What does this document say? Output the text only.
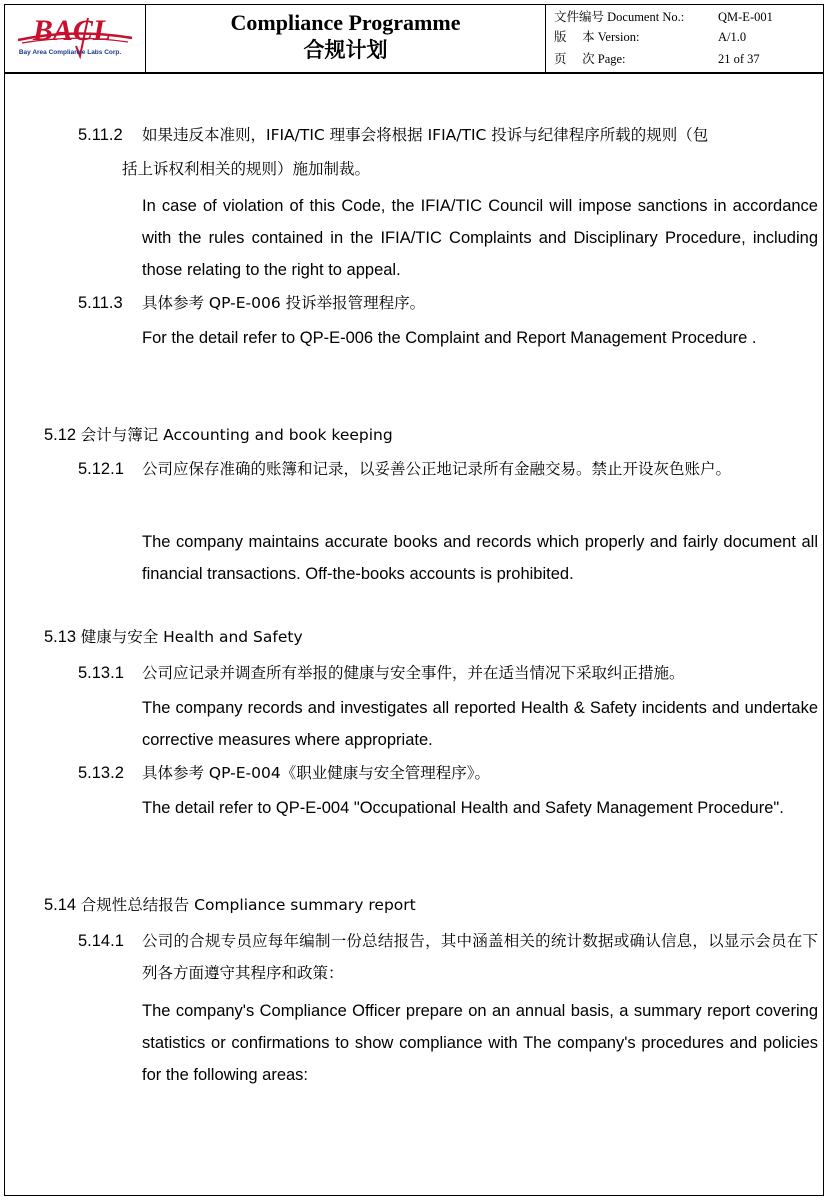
BACL
Bay Area Compliance Labs Corp.
Compliance Programme
合规计划
文件编号 Document No.:	QM-E-001
版　 本 Version:	A/1.0
页　 次 Page:	21 of 37
5.11.2 如果违反本准则，IFIA/TIC 理事会将根据 IFIA/TIC 投诉与纪律程序所载的规则（包
括上诉权利相关的规则）施加制裁。
In case of violation of this Code, the IFIA/TIC Council will impose sanctions in accordance with the rules contained in the IFIA/TIC Complaints and Disciplinary Procedure, including those relating to the right to appeal.
5.11.3 具体参考 QP-E-006 投诉举报管理程序。
For the detail refer to QP-E-006 the Complaint and Report Management Procedure .
5.12 会计与簿记 Accounting and book keeping
5.12.1 公司应保存准确的账簿和记录，以妥善公正地记录所有金融交易。禁止开设灰色账户。
The company maintains accurate books and records which properly and fairly document all financial transactions. Off-the-books accounts is prohibited.
5.13 健康与安全 Health and Safety
5.13.1 公司应记录并调查所有举报的健康与安全事件，并在适当情况下采取纠正措施。
The company records and investigates all reported Health & Safety incidents and undertake corrective measures where appropriate.
5.13.2 具体参考 QP-E-004《职业健康与安全管理程序》。
The detail refer to QP-E-004 "Occupational Health and Safety Management Procedure".
5.14 合规性总结报告 Compliance summary report
5.14.1 公司的合规专员应每年编制一份总结报告，其中涵盖相关的统计数据或确认信息，以显示会员在下列各方面遵守其程序和政策：
The company's Compliance Officer prepare on an annual basis, a summary report covering statistics or confirmations to show compliance with The company's procedures and policies for the following areas:
